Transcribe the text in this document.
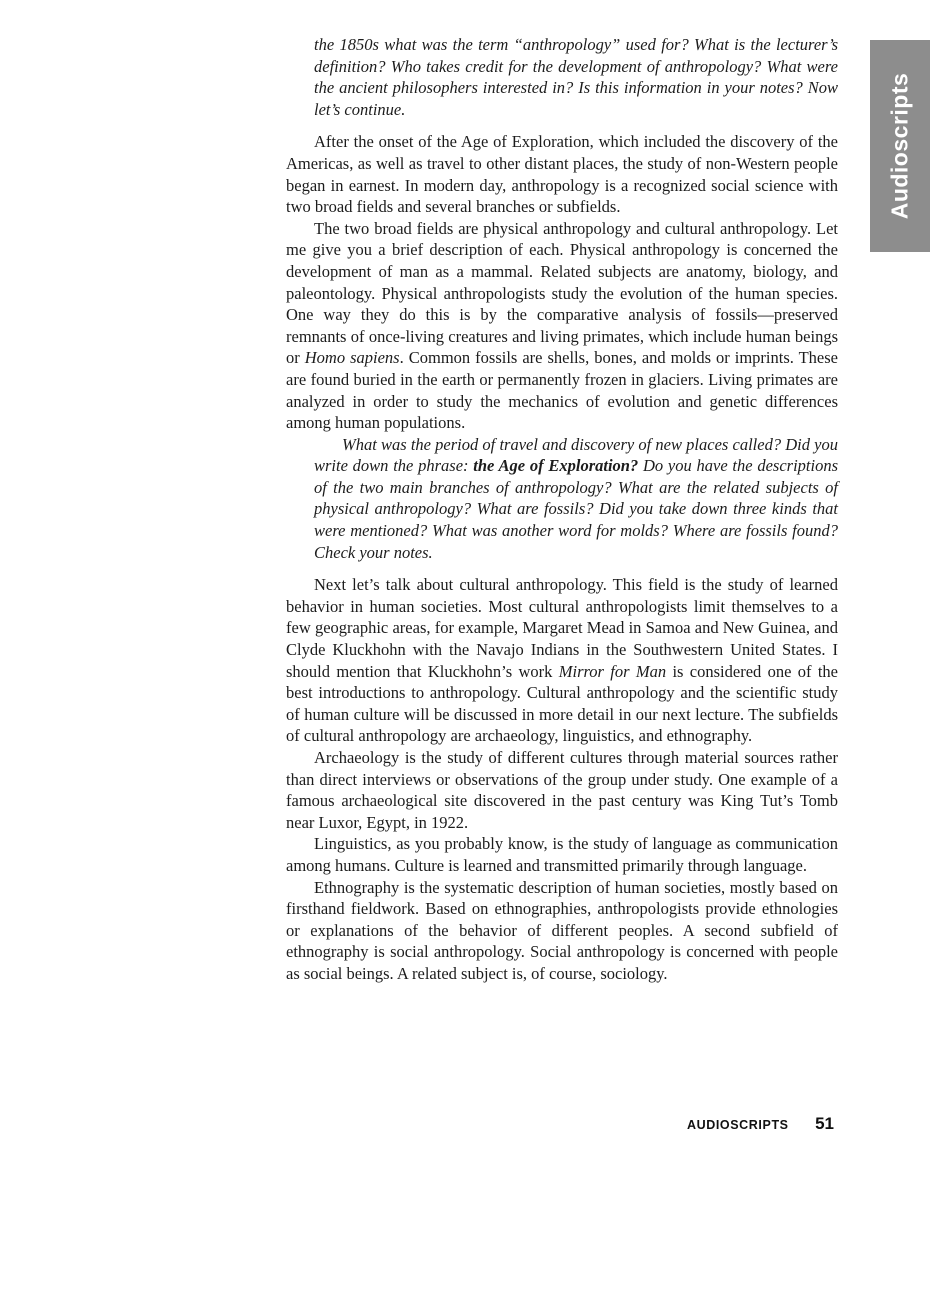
Audioscripts

the 1850s what was the term “anthropology” used for? What is the lecturer’s definition? Who takes credit for the development of anthropology? What were the ancient philosophers interested in? Is this information in your notes? Now let’s continue.

After the onset of the Age of Exploration, which included the discovery of the Americas, as well as travel to other distant places, the study of non-Western people began in earnest. In modern day, anthropology is a recognized social science with two broad fields and several branches or subfields.

The two broad fields are physical anthropology and cultural anthropology. Let me give you a brief description of each. Physical anthropology is concerned the development of man as a mammal. Related subjects are anatomy, biology, and paleontology. Physical anthropologists study the evolution of the human species. One way they do this is by the comparative analysis of fossils—preserved remnants of once-living creatures and living primates, which include human beings or Homo sapiens. Common fossils are shells, bones, and molds or imprints. These are found buried in the earth or permanently frozen in glaciers. Living primates are analyzed in order to study the mechanics of evolution and genetic differences among human populations.

What was the period of travel and discovery of new places called? Did you write down the phrase: the Age of Exploration? Do you have the descriptions of the two main branches of anthropology? What are the related subjects of physical anthropology? What are fossils? Did you take down three kinds that were mentioned? What was another word for molds? Where are fossils found? Check your notes.

Next let’s talk about cultural anthropology. This field is the study of learned behavior in human societies. Most cultural anthropologists limit themselves to a few geographic areas, for example, Margaret Mead in Samoa and New Guinea, and Clyde Kluckhohn with the Navajo Indians in the Southwestern United States. I should mention that Kluckhohn’s work Mirror for Man is considered one of the best introductions to anthropology. Cultural anthropology and the scientific study of human culture will be discussed in more detail in our next lecture. The subfields of cultural anthropology are archaeology, linguistics, and ethnography.

Archaeology is the study of different cultures through material sources rather than direct interviews or observations of the group under study. One example of a famous archaeological site discovered in the past century was King Tut’s Tomb near Luxor, Egypt, in 1922.

Linguistics, as you probably know, is the study of language as communication among humans. Culture is learned and transmitted primarily through language.

Ethnography is the systematic description of human societies, mostly based on firsthand fieldwork. Based on ethnographies, anthropologists provide ethnologies or explanations of the behavior of different peoples. A second subfield of ethnography is social anthropology. Social anthropology is concerned with people as social beings. A related subject is, of course, sociology.

AUDIOSCRIPTS 51
